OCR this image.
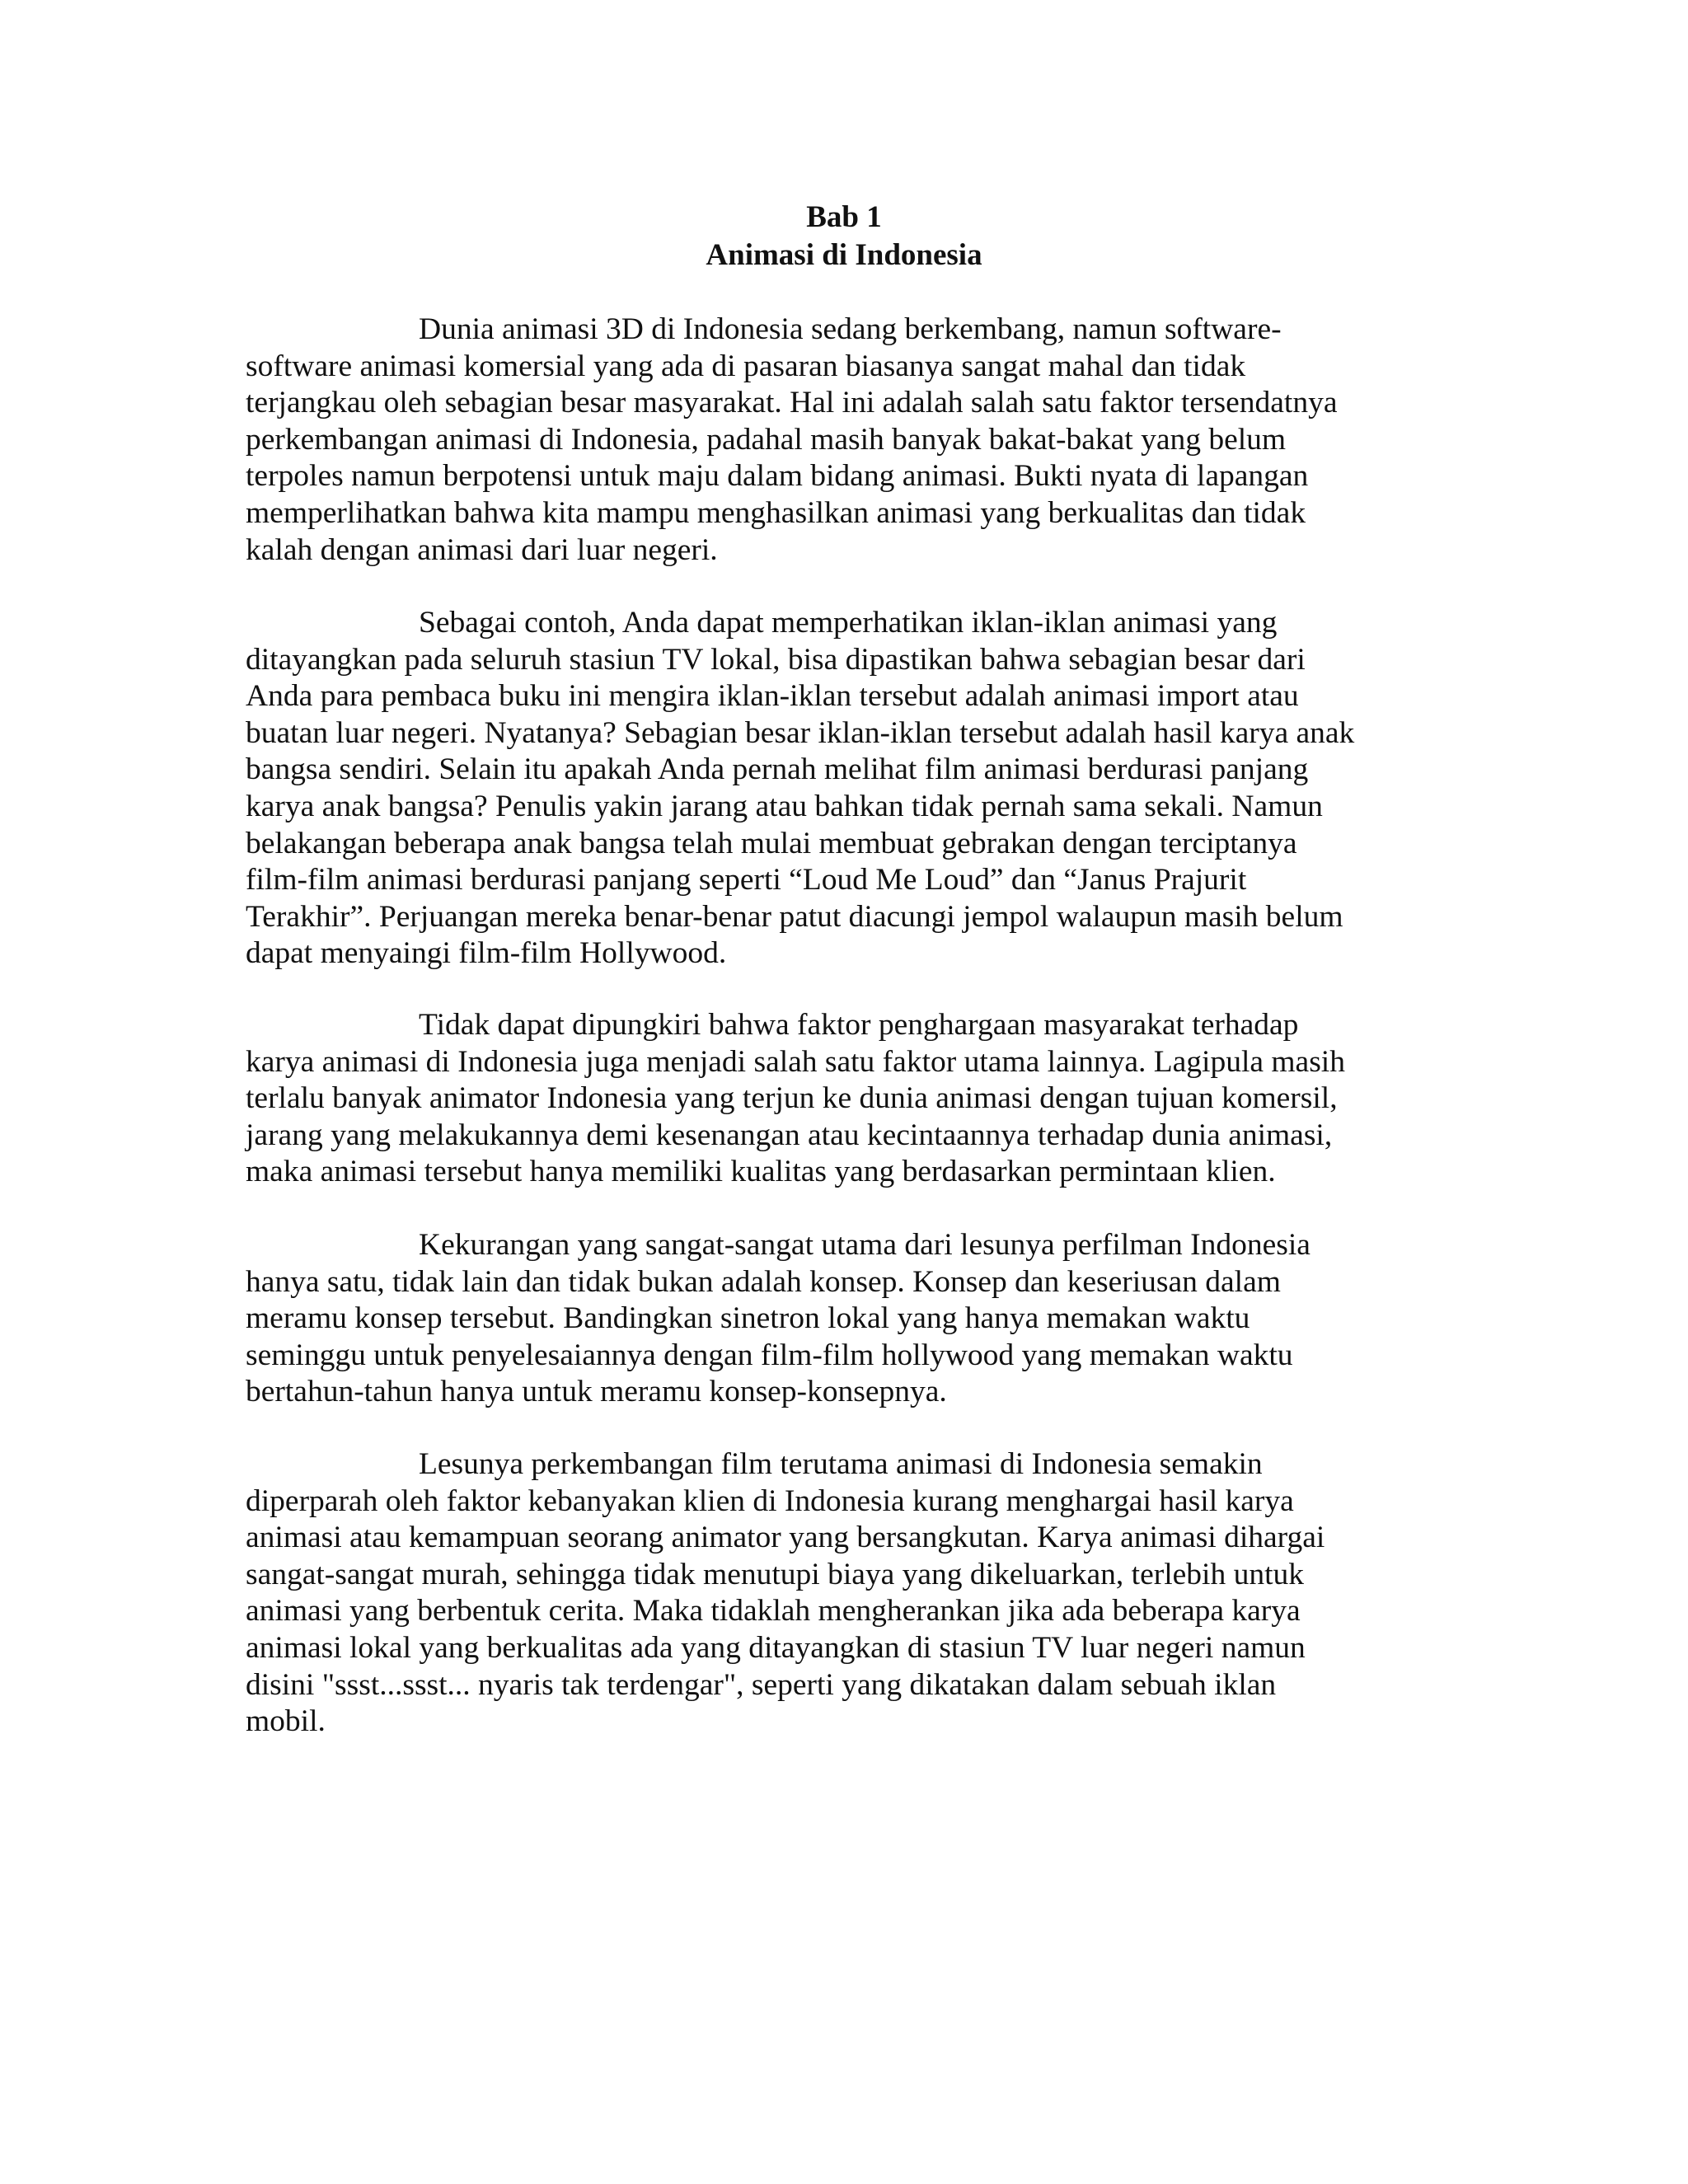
Bab 1
Animasi di Indonesia

Dunia animasi 3D di Indonesia sedang berkembang, namun software-
software animasi komersial yang ada di pasaran biasanya sangat mahal dan tidak
terjangkau oleh sebagian besar masyarakat. Hal ini adalah salah satu faktor tersendatnya
perkembangan animasi di Indonesia, padahal masih banyak bakat-bakat yang belum
terpoles namun berpotensi untuk maju dalam bidang animasi. Bukti nyata di lapangan
memperlihatkan bahwa kita mampu menghasilkan animasi yang berkualitas dan tidak
kalah dengan animasi dari luar negeri.

Sebagai contoh, Anda dapat memperhatikan iklan-iklan animasi yang
ditayangkan pada seluruh stasiun TV lokal, bisa dipastikan bahwa sebagian besar dari
Anda para pembaca buku ini mengira iklan-iklan tersebut adalah animasi import atau
buatan luar negeri. Nyatanya? Sebagian besar iklan-iklan tersebut adalah hasil karya anak
bangsa sendiri. Selain itu apakah Anda pernah melihat film animasi berdurasi panjang
karya anak bangsa? Penulis yakin jarang atau bahkan tidak pernah sama sekali. Namun
belakangan beberapa anak bangsa telah mulai membuat gebrakan dengan terciptanya
film-film animasi berdurasi panjang seperti “Loud Me Loud” dan “Janus Prajurit
Terakhir”. Perjuangan mereka benar-benar patut diacungi jempol walaupun masih belum
dapat menyaingi film-film Hollywood.

Tidak dapat dipungkiri bahwa faktor penghargaan masyarakat terhadap
karya animasi di Indonesia juga menjadi salah satu faktor utama lainnya. Lagipula masih
terlalu banyak animator Indonesia yang terjun ke dunia animasi dengan tujuan komersil,
jarang yang melakukannya demi kesenangan atau kecintaannya terhadap dunia animasi,
maka animasi tersebut hanya memiliki kualitas yang berdasarkan permintaan klien.

Kekurangan yang sangat-sangat utama dari lesunya perfilman Indonesia
hanya satu, tidak lain dan tidak bukan adalah konsep. Konsep dan keseriusan dalam
meramu konsep tersebut. Bandingkan sinetron lokal yang hanya memakan waktu
seminggu untuk penyelesaiannya dengan film-film hollywood yang memakan waktu
bertahun-tahun hanya untuk meramu konsep-konsepnya.

Lesunya perkembangan film terutama animasi di Indonesia semakin
diperparah oleh faktor kebanyakan klien di Indonesia kurang menghargai hasil karya
animasi atau kemampuan seorang animator yang bersangkutan. Karya animasi dihargai
sangat-sangat murah, sehingga tidak menutupi biaya yang dikeluarkan, terlebih untuk
animasi yang berbentuk cerita. Maka tidaklah mengherankan jika ada beberapa karya
animasi lokal yang berkualitas ada yang ditayangkan di stasiun TV luar negeri namun
disini "ssst...ssst... nyaris tak terdengar", seperti yang dikatakan dalam sebuah iklan
mobil.
